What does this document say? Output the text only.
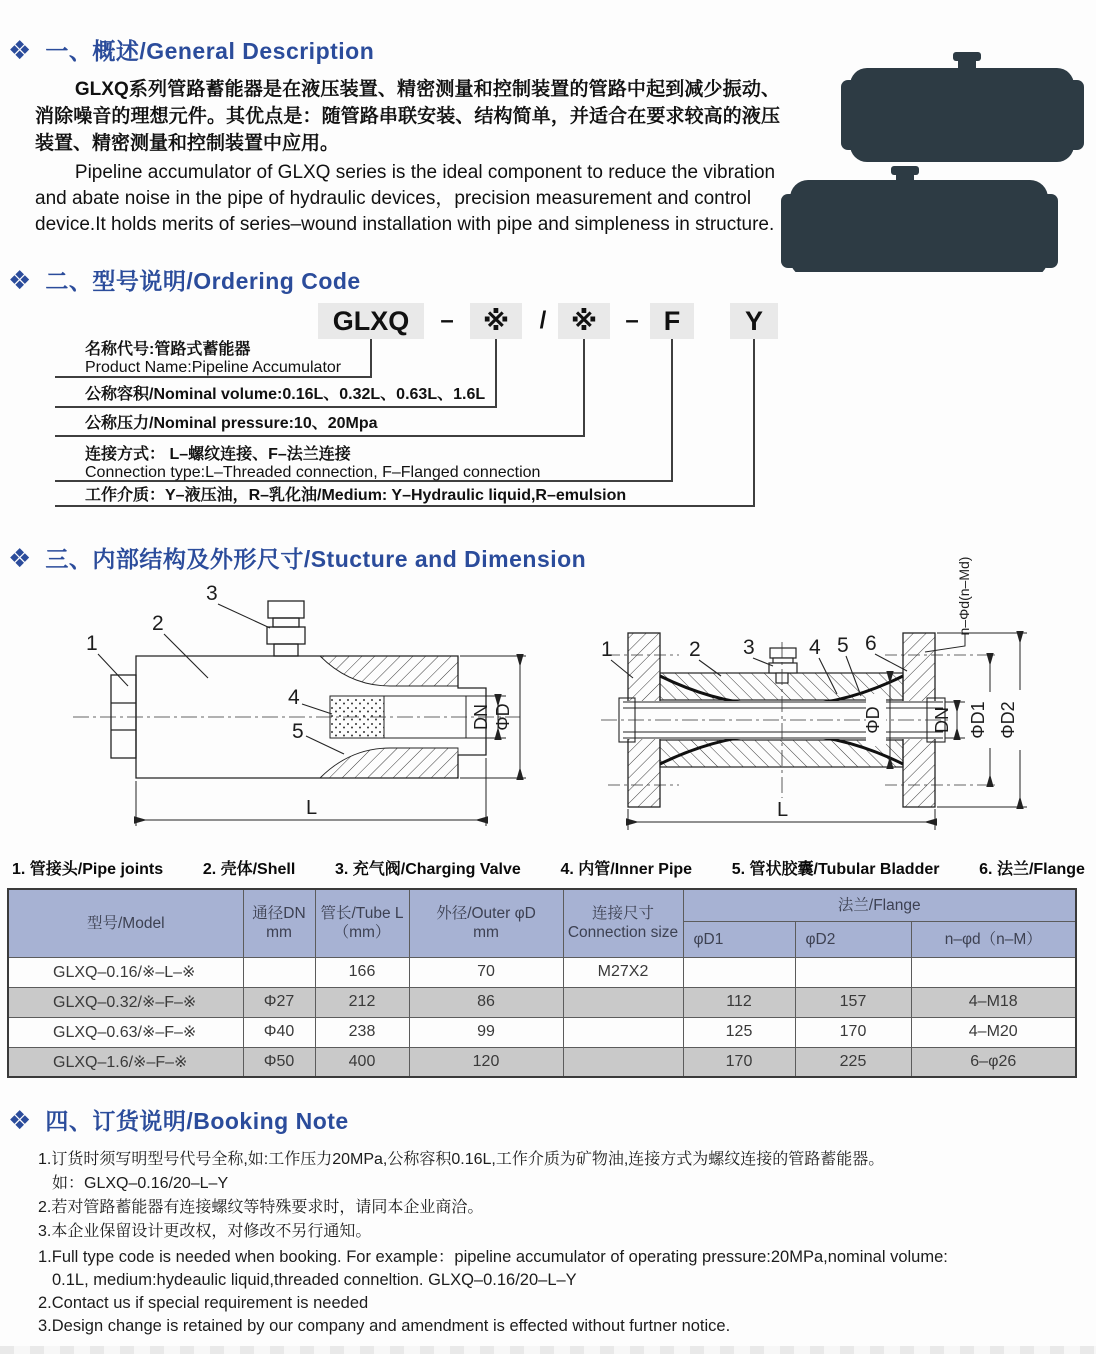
❖ 一、概述/General Description
GLXQ系列管路蓄能器是在液压装置、精密测量和控制装置的管路中起到减少振动、消除噪音的理想元件。其优点是：随管路串联安装、结构简单，并适合在要求较高的液压装置、精密测量和控制装置中应用。
Pipeline accumulator of GLXQ series is the ideal component to reduce the vibration and abate noise in the pipe of hydraulic devices，precision measurement and control device.It holds merits of series–wound installation with pipe and simpleness in structure.
❖ 二、型号说明/Ordering Code
GLXQ	–	※	/ ※	– F	Y
名称代号:管路式蓄能器
Product Name:Pipeline Accumulator
公称容积/Nominal volume:0.16L、0.32L、0.63L、1.6L
公称压力/Nominal pressure:10、20Mpa
连接方式： L–螺纹连接、F–法兰连接
Connection type:L–Threaded connection, F–Flanged connection
工作介质：Y–液压油，R–乳化油/Medium: Y–Hydraulic liquid,R–emulsion
❖ 三、内部结构及外形尺寸/Stucture and Dimension
1
2
3
4
5
DN ΦD
L
1	2 3	4 5 6
n–Φd(n–Md)
ΦD	DN ΦD1 ΦD2
L
1. 管接头/Pipe joints 2. 壳体/Shell 3. 充气阀/Charging Valve 4. 内管/Inner Pipe 5. 管状胶囊/Tubular Bladder 6. 法兰/Flange
型号/Model	
通径DN
mm

管长/Tube L
（mm）

外径/Outer φD
mm

连接尺寸
Connection size
	法兰/Flange
					φD1	φD2	n–φd（n–M）
GLXQ–0.16/※–L–※		166	70	M27X2			
GLXQ–0.32/※–F–※	Φ27	212	86		112	157	4–M18
GLXQ–0.63/※–F–※	Φ40	238	99		125	170	4–M20
GLXQ–1.6/※–F–※	Φ50	400	120		170	225	6–φ26
❖ 四、订货说明/Booking Note
1.订货时须写明型号代号全称,如:工作压力20MPa,公称容积0.16L,工作介质为矿物油,连接方式为螺纹连接的管路蓄能器。
如：GLXQ–0.16/20–L–Y
2.若对管路蓄能器有连接螺纹等特殊要求时，请同本企业商洽。
3.本企业保留设计更改权，对修改不另行通知。
1.Full type code is needed when booking. For example：pipeline accumulator of operating pressure:20MPa,nominal volume:
0.1L, medium:hydeaulic liquid,threaded conneltion. GLXQ–0.16/20–L–Y
2.Contact us if special requirement is needed
3.Design change is retained by our company and amendment is effected without furtner notice.
